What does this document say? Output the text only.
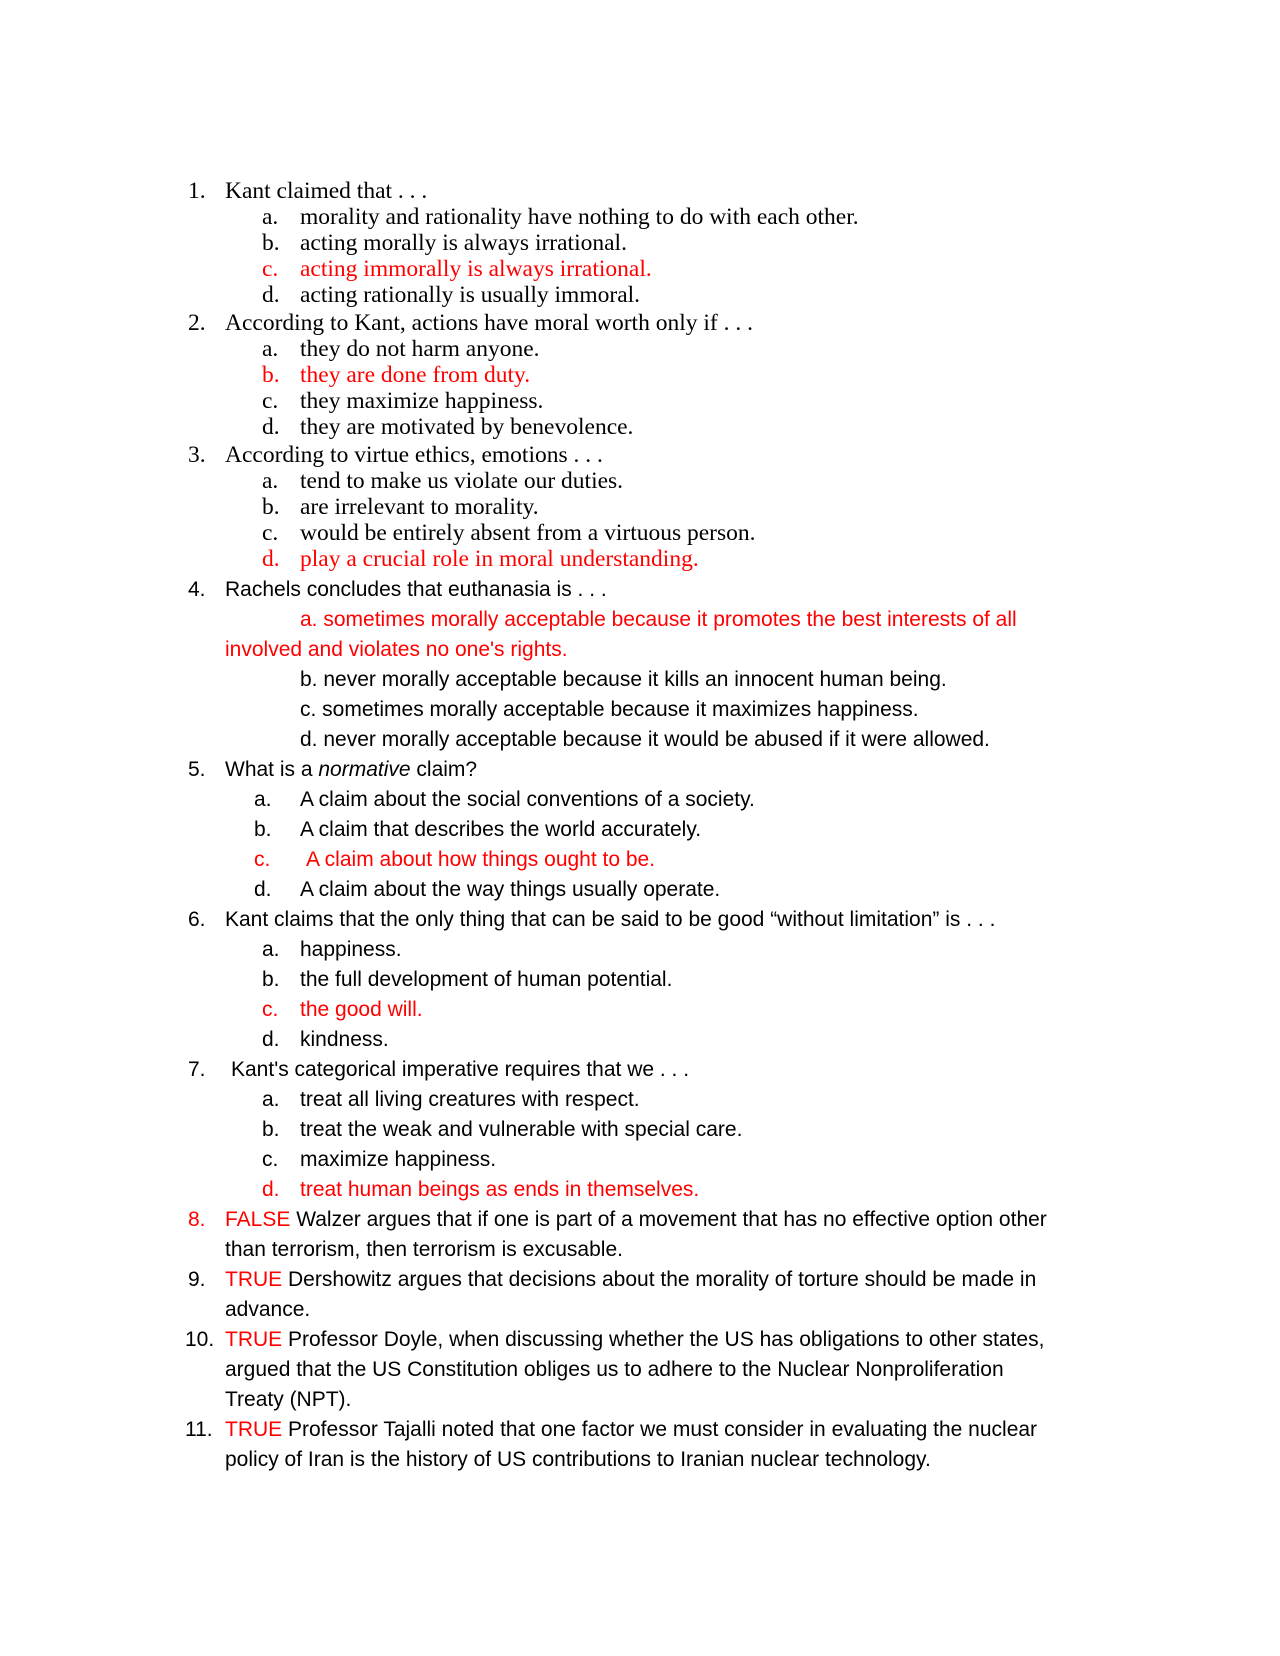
1. Kant claimed that . . .
a. morality and rationality have nothing to do with each other.
b. acting morally is always irrational.
c. acting immorally is always irrational.
d. acting rationally is usually immoral.
2. According to Kant, actions have moral worth only if . . .
a. they do not harm anyone.
b. they are done from duty.
c. they maximize happiness.
d. they are motivated by benevolence.
3. According to virtue ethics, emotions . . .
a. tend to make us violate our duties.
b. are irrelevant to morality.
c. would be entirely absent from a virtuous person.
d. play a crucial role in moral understanding.
4. Rachels concludes that euthanasia is . . .
a. sometimes morally acceptable because it promotes the best interests of all
involved and violates no one's rights.
b. never morally acceptable because it kills an innocent human being.
c. sometimes morally acceptable because it maximizes happiness.
d. never morally acceptable because it would be abused if it were allowed.
5. What is a normative claim?
a. A claim about the social conventions of a society.
b. A claim that describes the world accurately.
c. A claim about how things ought to be.
d. A claim about the way things usually operate.
6. Kant claims that the only thing that can be said to be good “without limitation” is . . .
a. happiness.
b. the full development of human potential.
c. the good will.
d. kindness.
7. Kant's categorical imperative requires that we . . .
a. treat all living creatures with respect.
b. treat the weak and vulnerable with special care.
c. maximize happiness.
d. treat human beings as ends in themselves.
8. FALSE Walzer argues that if one is part of a movement that has no effective option other
than terrorism, then terrorism is excusable.
9. TRUE Dershowitz argues that decisions about the morality of torture should be made in
advance.
10. TRUE Professor Doyle, when discussing whether the US has obligations to other states,
argued that the US Constitution obliges us to adhere to the Nuclear Nonproliferation
Treaty (NPT).
11. TRUE Professor Tajalli noted that one factor we must consider in evaluating the nuclear
policy of Iran is the history of US contributions to Iranian nuclear technology.
